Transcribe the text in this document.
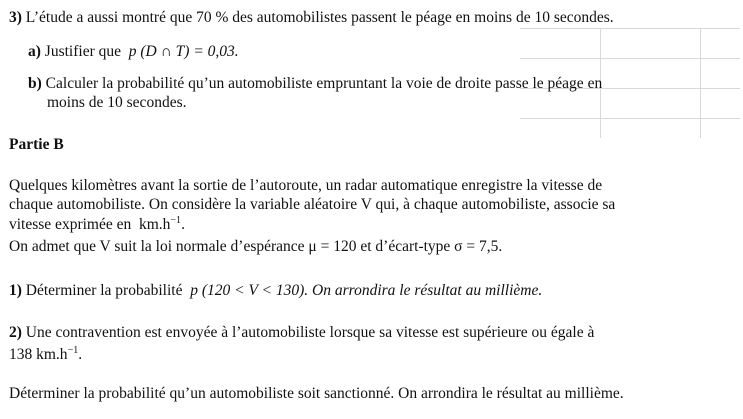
3) L’étude a aussi montré que 70 % des automobilistes passent le péage en moins de 10 secondes.
a) Justifier que p (D ∩ T) = 0,03.
b) Calculer la probabilité qu’un automobiliste empruntant la voie de droite passe le péage en
moins de 10 secondes.
Partie B
Quelques kilomètres avant la sortie de l’autoroute, un radar automatique enregistre la vitesse de
chaque automobiliste. On considère la variable aléatoire V qui, à chaque automobiliste, associe sa
vitesse exprimée en $km.h^{-1}$.
On admet que V suit la loi normale d’espérance μ = 120 et d’écart-type σ = 7,5.
1) Déterminer la probabilité p (120 < V < 130). On arrondira le résultat au millième.
2) Une contravention est envoyée à l’automobiliste lorsque sa vitesse est supérieure ou égale à
138 $km.h^{-1}$.
Déterminer la probabilité qu’un automobiliste soit sanctionné. On arrondira le résultat au millième.
